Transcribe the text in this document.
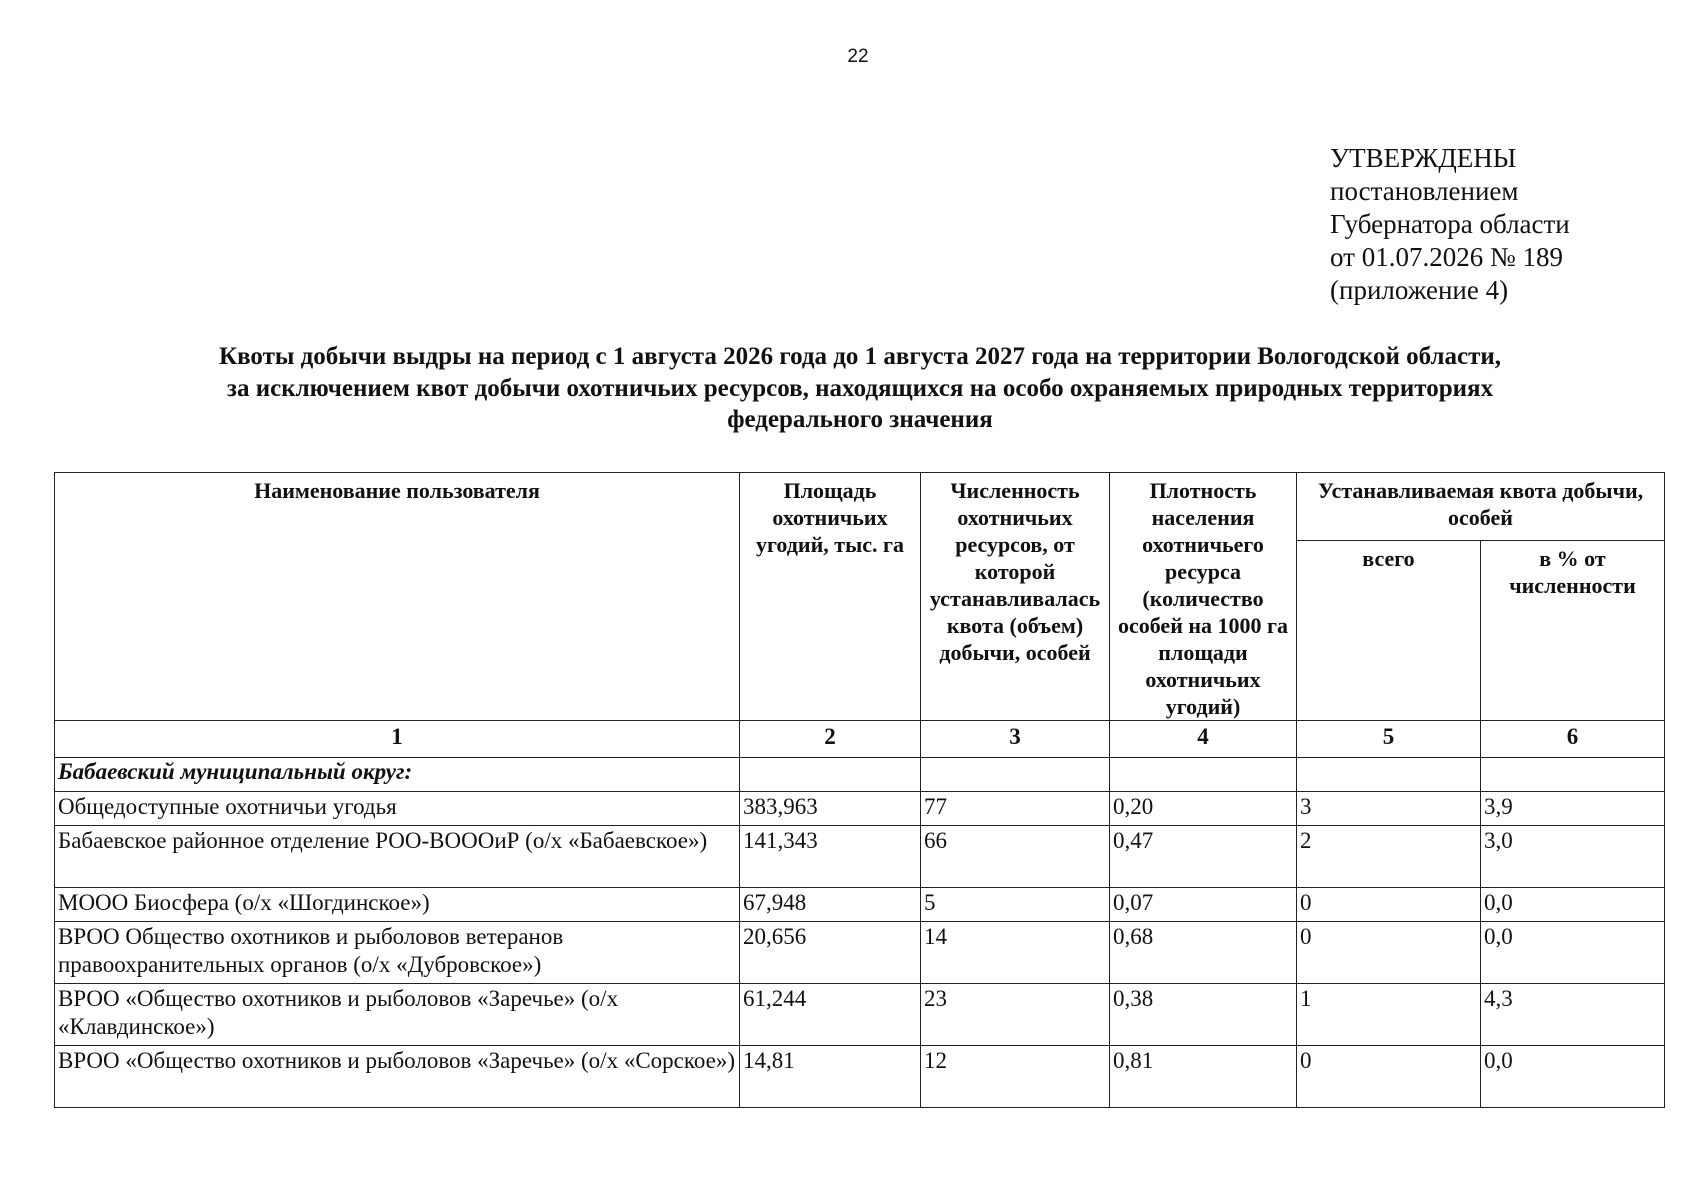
22
УТВЕРЖДЕНЫ
постановлением
Губернатора области
от 01.07.2026 № 189
(приложение 4)
Квоты добычи выдры на период с 1 августа 2026 года до 1 августа 2027 года на территории Вологодской области,
за исключением квот добычи охотничьих ресурсов, находящихся на особо охраняемых природных территориях
федерального значения
Наименование пользователя	Площадь охотничьих угодий, тыс. га	Численность охотничьих ресурсов, от которой устанавливалась квота (объем) добычи, особей	Плотность населения охотничьего ресурса (количество особей на 1000 га площади охотничьих угодий)	Устанавливаемая квота добычи, особей	
				всего	в % от численности
1	2	3	4	5	6
Бабаевский муниципальный округ:					
Общедоступные охотничьи угодья	383,963	77	0,20	3	3,9
Бабаевское районное отделение РОО-ВОООиР (о/х «Бабаевское»)	141,343	66	0,47	2	3,0
МООО Биосфера (о/х «Шогдинское»)	67,948	5	0,07	0	0,0
ВРОО Общество охотников и рыболовов ветеранов правоохранительных органов (о/х «Дубровское»)	20,656	14	0,68	0	0,0
ВРОО «Общество охотников и рыболовов «Заречье» (о/х «Клавдинское»)	61,244	23	0,38	1	4,3
ВРОО «Общество охотников и рыболовов «Заречье» (о/х «Сорское»)	14,81	12	0,81	0	0,0
